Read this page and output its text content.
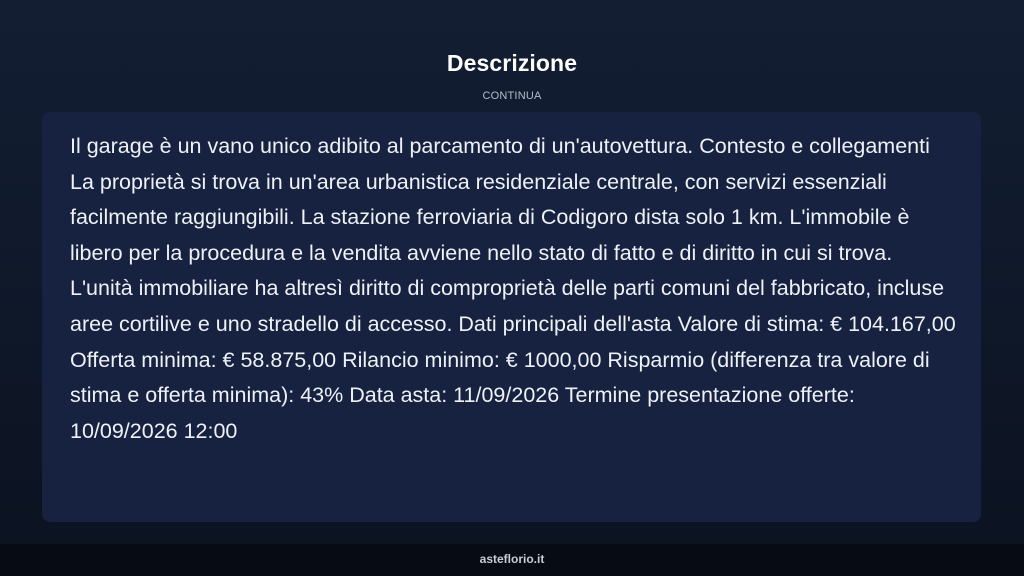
Descrizione
CONTINUA

Il garage è un vano unico adibito al parcamento di un'autovettura. Contesto e collegamenti La proprietà si trova in un'area urbanistica residenziale centrale, con servizi essenziali facilmente raggiungibili. La stazione ferroviaria di Codigoro dista solo 1 km. L'immobile è libero per la procedura e la vendita avviene nello stato di fatto e di diritto in cui si trova. L'unità immobiliare ha altresì diritto di comproprietà delle parti comuni del fabbricato, incluse aree cortilive e uno stradello di accesso. Dati principali dell'asta Valore di stima: € 104.167,00 Offerta minima: € 58.875,00 Rilancio minimo: € 1000,00 Risparmio (differenza tra valore di stima e offerta minima): 43% Data asta: 11/09/2026 Termine presentazione offerte: 10/09/2026 12:00

asteflorio.it
